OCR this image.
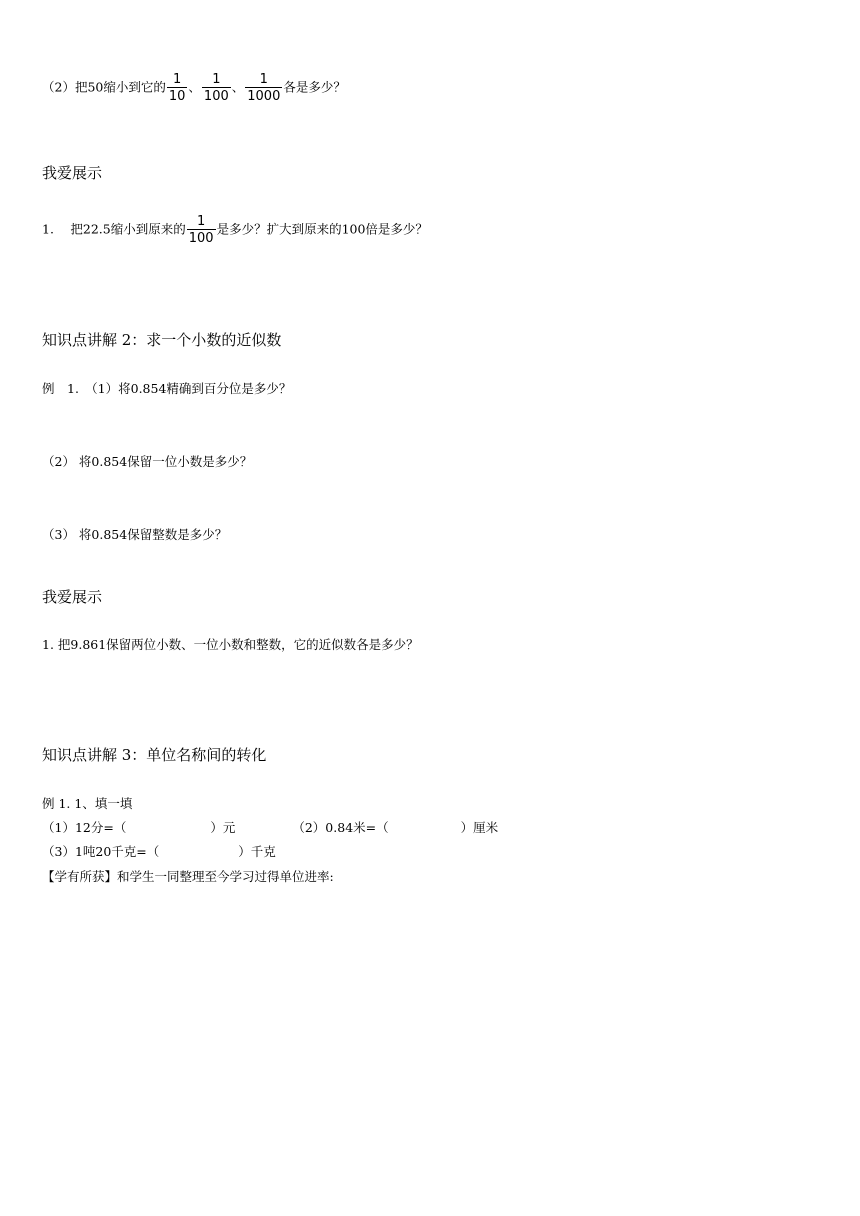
（2）把50缩小到它的 $\frac{1}{10}$ 、 $\frac{1}{100}$ 、 $\frac{1}{1000}$ 各是多少？
我爱展示
1.　 把22.5缩小到原来的 $\frac{1}{100}$ 是多少？扩大到原来的100倍是多少？
知识点讲解 2：求一个小数的近似数
例　1.　（1）将0.854精确到百分位是多少？
（2） 将0.854保留一位小数是多少？
（3） 将0.854保留整数是多少？
我爱展示
1. 把9.861保留两位小数、一位小数和整数，它的近似数各是多少？
知识点讲解 3：单位名称间的转化
例 1. 1、填一填
（1）12分=（	）元	（2）0.84米=（	）厘米
（3）1吨20千克=（	）千克
【学有所获】和学生一同整理至今学习过得单位进率:
